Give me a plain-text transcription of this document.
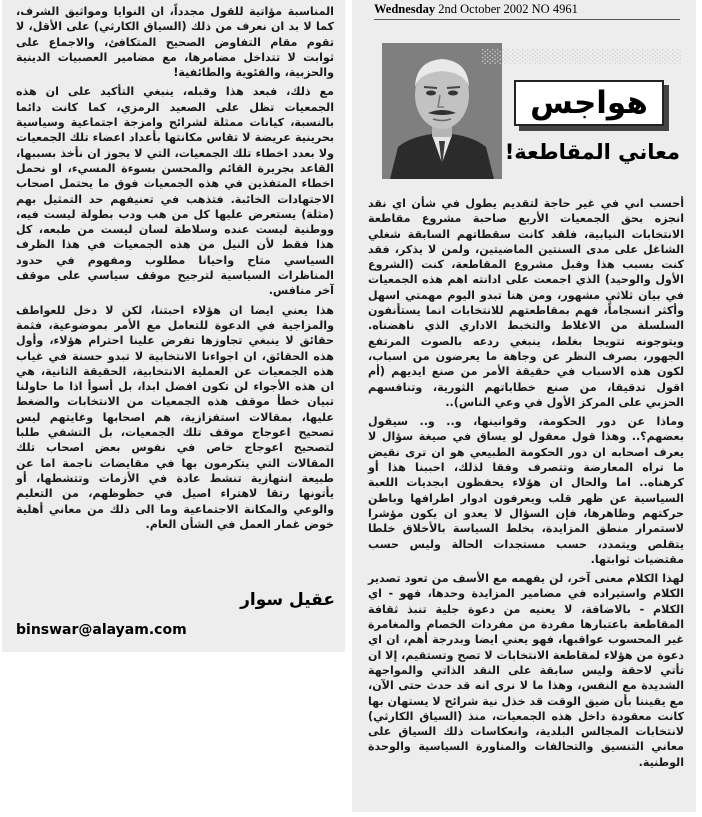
المناسبة مؤاتية للقول مجدداً، ان النوايا ومواثيق الشرف، كما لا بد ان نعرف من ذلك (السياق الكارثي) على الأقل، لا تقوم مقام التفاوض الصحيح المتكافئ، والاجماع على ثوابت لا تتداخل مضامرها، مع مضامير العصبيات الدينية والحزبية، والفئوية والطائفية!

مع ذلك، فبعد هذا وقبله، ينبغي التأكيد على ان هذه الجمعيات تظل على الصعيد الرمزي، كما كانت دائما بالنسبة، كيانات ممثلة لشرائح وامزجة اجتماعية وسياسية بحرينية عريضة لا تقاس مكانتها بأعداد اعضاء تلك الجمعيات ولا بعدد اخطاء تلك الجمعيات، التي لا يجوز ان نأخذ بسببها، القاعد بجريرة القائم والمحسن بسوءة المسيء، او نحمل اخطاء المتفذين في هذه الجمعيات فوق ما يحتمل اصحاب الاجتهادات الخائبة. فتذهب في تعنيفهم حد التمثيل بهم (مثلة) يستعرض عليها كل من هب ودب بطولة ليست فيه، ووطنية ليست عنده وسلاطة لسان ليست من طبعه، كل هذا فقط لأن النيل من هذه الجمعيات في هذا الظرف السياسي متاح واحيانا مطلوب ومفهوم في حدود المناظرات السياسية لترجيح موقف سياسي على موقف آخر منافس.

هذا يعني ايضا ان هؤلاء احبتنا، لكن لا دخل للعواطف والمزاجية في الدعوة للتعامل مع الأمر بموضوعية، فثمة حقائق لا ينبغي تجاوزها تفرض علينا احترام هؤلاء، وأول هذه الحقائق، ان اجواءنا الانتخابية لا تبدو حسنة في غياب هذه الجمعيات عن العملية الانتخابية، الحقيقة الثانية، هي ان هذه الأجواء لن تكون افضل ابدا، بل أسوأ اذا ما حاولنا تبيان خطأ موقف هذه الجمعيات من الانتخابات والضغط عليها، بمقالات استفزازية، هم اصحابها وغايتهم ليس تصحيح اعوجاج موقف تلك الجمعيات، بل التشفي طلبا لتصحيح اعوجاج خاص في نفوس بعض اصحاب تلك المقالات التي يتكرمون بها في مقايضات ناجمة اما عن طبيعة انتهازية تنشط عادة في الأزمات وتتشطها، أو يأتونها رتقا لاهتراء اصيل في حظوظهم، من التعليم والوعي والمكانة الاجتماعية وما الى ذلك من معاني أهلية خوض غمار العمل في الشأن العام.

عقيل سوار
binswar@alayam.com
Wednesday 2nd October 2002 NO 4961
░░░░░░░░░░░░░░░░░░░░
هواجس
معاني المقاطعة!

أحسب اني في غير حاجة لتقديم يطول في شأن اي نقد انجزه بحق الجمعيات الأربع صاحبة مشروع مقاطعة الانتخابات النيابية، فلقد كانت سقطاتهم السابقة شغلي الشاغل على مدى السنتين الماضيتين، ولمن لا يذكر، فقد كنت بسبب هذا وقبل مشروع المقاطعة، كنت (الشروع الأول والوحيد) الذي اجمعت على ادانته اهم هذه الجمعيات في بيان ثلاثي مشهور، ومن هنا تبدو اليوم مهمتي اسهل وأكثر انسجاماً، فهم بمقاطعتهم للانتخابات انما يستأنفون السلسلة من الاغلاط والتخبط الاداري الذي ناهضناه. ويتوجونه تتويجا بغلط، ينبغي ردعه بالصوت المرتفع الجهور، بصرف النظر عن وجاهة ما يعرضون من اسباب، لكون هذه الاسباب في حقيقة الأمر من صنع ايديهم (أم اقول تدقيقا، من صنع خطاباتهم الثورية، وتنافسهم الحزبي على المركز الأول في وعي الناس)..

وماذا عن دور الحكومة، وقوانينها، و.. و.. سيقول بعضهم؟.. وهذا قول معقول لو يساق في صيغة سؤال لا يعرف اصحابه ان دور الحكومة الطبيعي هو ان ترى نقيض ما تراه المعارضة وتتصرف وفقا لذلك، احببنا هذا أو كرهناه.. اما والحال ان هؤلاء يحفظون ابجديات اللعبة السياسية عن ظهر قلب ويعرفون ادوار اطرافها وباطن حركتهم وظاهرها، فإن السؤال لا يعدو ان يكون مؤشرا لاستمرار منطق المزايدة، بخلط السياسة بالأخلاق خلطا يتقلص ويتمدد، حسب مستجدات الحالة وليس حسب مقتضيات ثوابتها.

لهذا الكلام معنى آخر، لن يفهمه مع الأسف من تعود تصدير الكلام واستيراده في مضامير المزايدة وحدها، فهو - اي الكلام - بالاضافة، لا يعنيه من دعوة جلية تنبذ ثقافة المقاطعة باعتبارها مفردة من مفردات الخصام والمغامرة غير المحسوب عواقبها، فهو يعني ايضا وبدرجة أهم، ان اي دعوة من هؤلاء لمقاطعة الانتخابات لا تصح وتستقيم، إلا ان تأتي لاحقة وليس سابقة على النقد الذاتي والمواجهة الشديدة مع النفس، وهذا ما لا نرى انه قد حدث حتى الآن، مع يقيننا بأن ضيق الوقت قد خذل نية شرائح لا يستهان بها كانت معقودة داخل هذه الجمعيات، منذ (السياق الكارثي) لانتخابات المجالس البلدية، وانعكاسات ذلك السياق على معاني التنسيق والتحالفات والمناورة السياسية والوحدة الوطنية.
